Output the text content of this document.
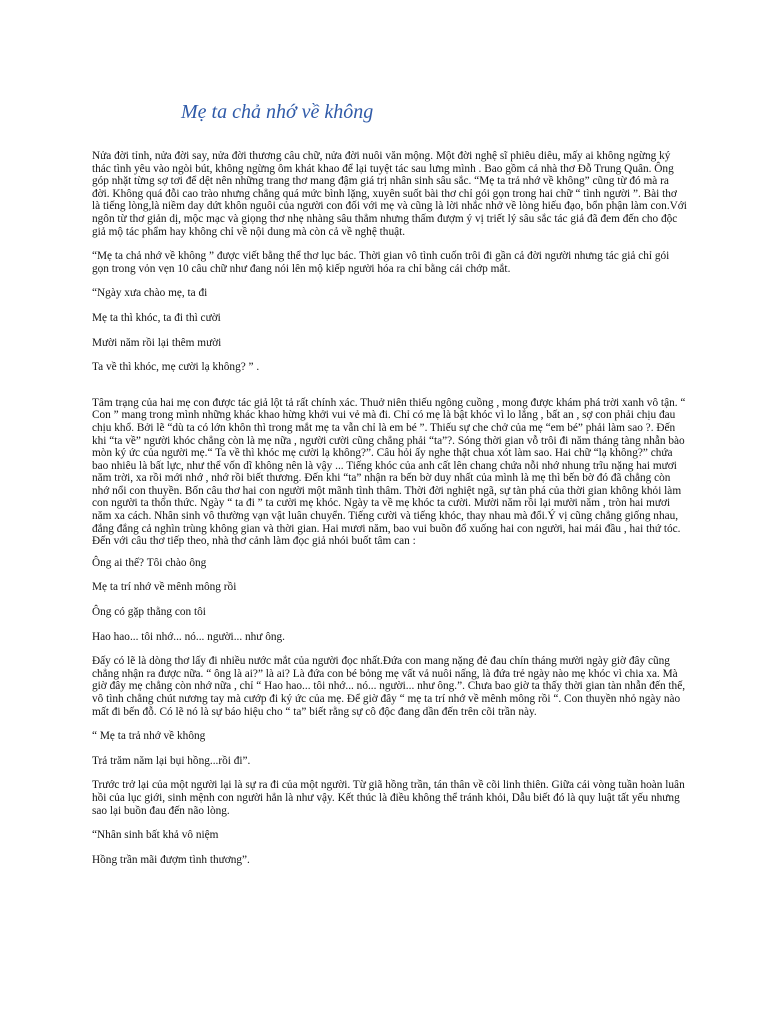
Mẹ ta chả nhớ về không

Nửa đời tỉnh, nửa đời say, nửa đời thương câu chữ, nửa đời nuôi văn mộng. Một đời nghệ sĩ phiêu diêu, mấy ai không ngừng ký thác tình yêu vào ngòi bút, không ngừng ôm khát khao để lại tuyệt tác sau lưng mình . Bao gồm cả nhà thơ Đỗ Trung Quân. Ông góp nhặt từng sợ tơi để dệt nên những trang thơ mang đậm giá trị nhân sinh sâu sắc. “Mẹ ta trả nhớ về không” cũng từ đó mà ra đời. Không quá đỗi cao trào nhưng chẳng quá mức bình lặng, xuyên suốt bài thơ chỉ gói gọn trong hai chữ “ tình người ”. Bài thơ là tiếng lòng,là niềm day dứt khôn nguôi của người con đối với mẹ và cũng là lời nhắc nhở về lòng hiếu đạo, bổn phận làm con.Với ngôn từ thơ giản dị, mộc mạc và giọng thơ nhẹ nhàng sâu thẳm nhưng thấm đượm ý vị triết lý sâu sắc tác giả đã đem đến cho độc giả mộ tác phẩm hay không chỉ về nội dung mà còn cả về nghệ thuật.

“Mẹ ta chả nhớ về không ” được viết bằng thể thơ lục bác. Thời gian vô tình cuốn trôi đi gần cả đời người nhưng tác giả chỉ gói gọn trong vỏn vẹn 10 câu chữ như đang nói lên mộ kiếp người hóa ra chỉ bằng cái chớp mắt.

“Ngày xưa chào mẹ, ta đi

Mẹ ta thì khóc, ta đi thì cười

Mười năm rồi lại thêm mười

Ta về thì khóc, mẹ cười lạ không? ” .

Tâm trạng của hai mẹ con được tác giả lột tả rất chính xác. Thuở niên thiếu ngông cuồng , mong được khám phá trời xanh vô tận. “ Con ” mang trong mình những khác khao hừng khởi vui vẻ mà đi. Chỉ có mẹ là bật khóc vì lo lắng , bất an , sợ con phải chịu đau chịu khổ. Bởi lẽ “dù ta có lớn khôn thì trong mắt mẹ ta vẫn chỉ là em bé ”. Thiếu sự che chở của mẹ “em bé” phải làm sao ?. Đến khi “ta về” người khóc chẳng còn là mẹ nữa , người cười cũng chẳng phải “ta”?. Sóng thời gian vỗ trôi đi năm tháng tàng nhẫn bào mòn ký ức của người mẹ.“ Ta về thì khóc mẹ cười lạ không?”. Câu hỏi ấy nghe thật chua xót làm sao. Hai chữ “lạ không?” chứa bao nhiêu là bất lực, như thể vốn dĩ không nên là vậy ... Tiếng khóc của anh cất lên chang chứa nỗi nhớ nhung trĩu nặng hai mươi năm trời, xa rồi mới nhớ , nhớ rồi biết thương. Đến khi “ta” nhận ra bến bờ duy nhất của mình là mẹ thì bến bờ đó đã chẳng còn nhớ nổi con thuyền. Bốn câu thơ hai con người một mãnh tình thâm. Thời đời nghiệt ngã, sự tàn phá của thời gian không khỏi làm con người ta thổn thức. Ngày “ ta đi ” ta cười mẹ khóc. Ngày ta về mẹ khóc ta cười. Mười năm rồi lại mười năm , tròn hai mươi năm xa cách. Nhân sinh vô thường vạn vật luân chuyển. Tiếng cười và tiếng khóc, thay nhau mà đổi.Ý vị cũng chẳng giống nhau, đắng đắng cả nghìn trùng không gian và thời gian. Hai mươi năm, bao vui buồn đổ xuống hai con người, hai mái đầu , hai thứ tóc. Đến với câu thơ tiếp theo, nhà thơ cảnh làm đọc giả nhói buốt tâm can :

Ông ai thế? Tôi chào ông

Mẹ ta trí nhớ về mênh mông rồi

Ông có gặp thằng con tôi

Hao hao... tôi nhớ... nó... người... như ông.

Đấy có lẽ là dòng thơ lấy đi nhiều nước mắt của người đọc nhất.Đứa con mang nặng đẻ đau chín tháng mười ngày giờ đây cũng chẳng nhận ra được nữa. “ ông là ai?” là ai? Là đứa con bé bỏng mẹ vất vả nuôi nấng, là đứa trẻ ngày nào mẹ khóc vì chia xa. Mà giờ đây mẹ chẳng còn nhớ nữa , chỉ “ Hao hao... tôi nhớ... nó... người... như ông.”. Chưa bao giờ ta thấy thời gian tàn nhẫn đến thế, vô tình chẳng chút nương tay mà cướp đi ký ức của mẹ. Để giờ đây “ mẹ ta trí nhớ về mênh mông rồi “. Con thuyền nhỏ ngày nào mất đi bến đỗ. Có lẽ nó là sự báo hiệu cho “ ta” biết rằng sự cô độc đang dần đến trên cõi trần này.

“ Mẹ ta trả nhớ về không

Trả trăm năm lại bụi hồng...rồi đi”.

Trước trở lại của một người lại là sự ra đi của một người. Từ giã hồng trần, tán thân về cõi linh thiên. Giữa cái vòng tuần hoàn luân hồi của lục giới, sinh mệnh con người hẳn là như vậy. Kết thúc là điều không thể tránh khỏi, Dẫu biết đó là quy luật tất yếu nhưng sao lại buồn đau đến não lòng.

“Nhân sinh bất khả vô niệm

Hồng trần mãi đượm tình thương”.
